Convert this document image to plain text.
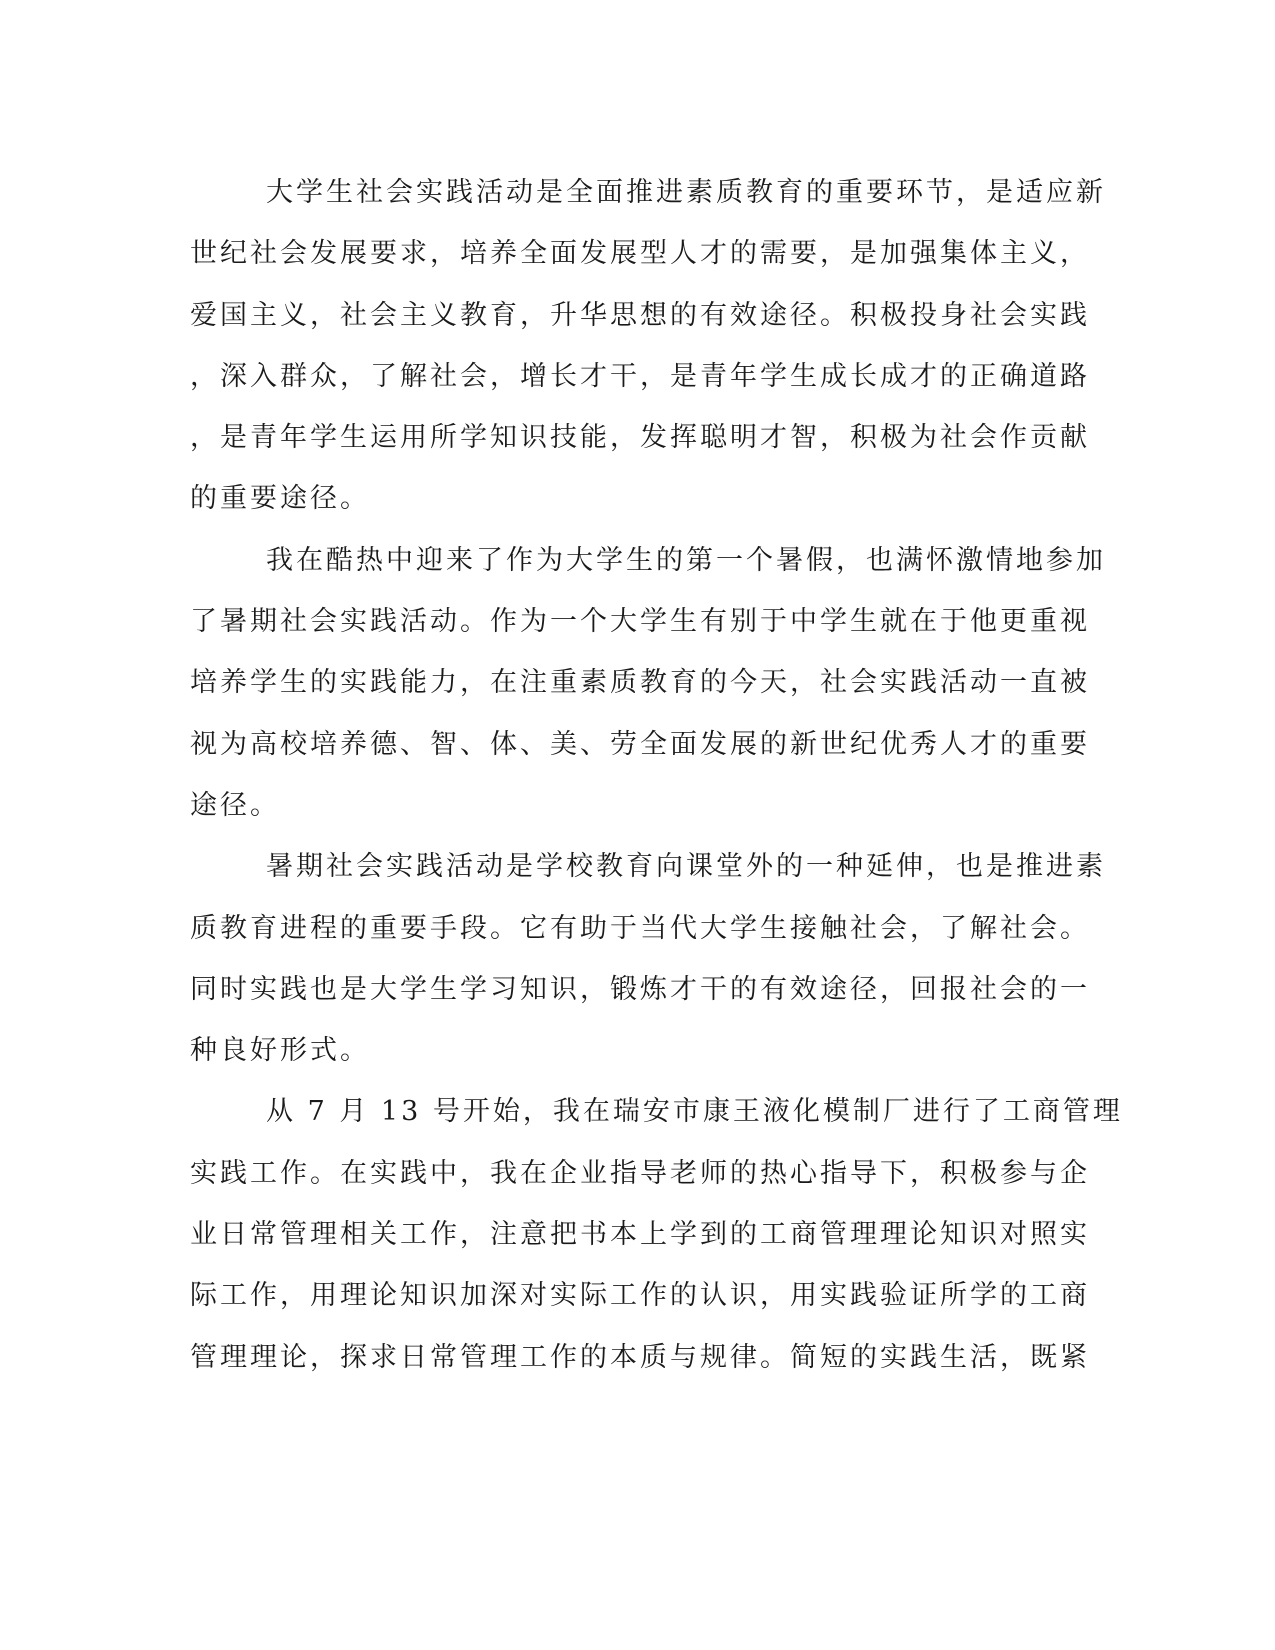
大学生社会实践活动是全面推进素质教育的重要环节，是适应新
世纪社会发展要求，培养全面发展型人才的需要，是加强集体主义，
爱国主义，社会主义教育，升华思想的有效途径。积极投身社会实践
，深入群众，了解社会，增长才干，是青年学生成长成才的正确道路
，是青年学生运用所学知识技能，发挥聪明才智，积极为社会作贡献
的重要途径。
我在酷热中迎来了作为大学生的第一个暑假，也满怀激情地参加
了暑期社会实践活动。作为一个大学生有别于中学生就在于他更重视
培养学生的实践能力，在注重素质教育的今天，社会实践活动一直被
视为高校培养德、智、体、美、劳全面发展的新世纪优秀人才的重要
途径。
暑期社会实践活动是学校教育向课堂外的一种延伸，也是推进素
质教育进程的重要手段。它有助于当代大学生接触社会，了解社会。
同时实践也是大学生学习知识，锻炼才干的有效途径，回报社会的一
种良好形式。
从 7 月 13 号开始，我在瑞安市康王液化模制厂进行了工商管理
实践工作。在实践中，我在企业指导老师的热心指导下，积极参与企
业日常管理相关工作，注意把书本上学到的工商管理理论知识对照实
际工作，用理论知识加深对实际工作的认识，用实践验证所学的工商
管理理论，探求日常管理工作的本质与规律。简短的实践生活，既紧
